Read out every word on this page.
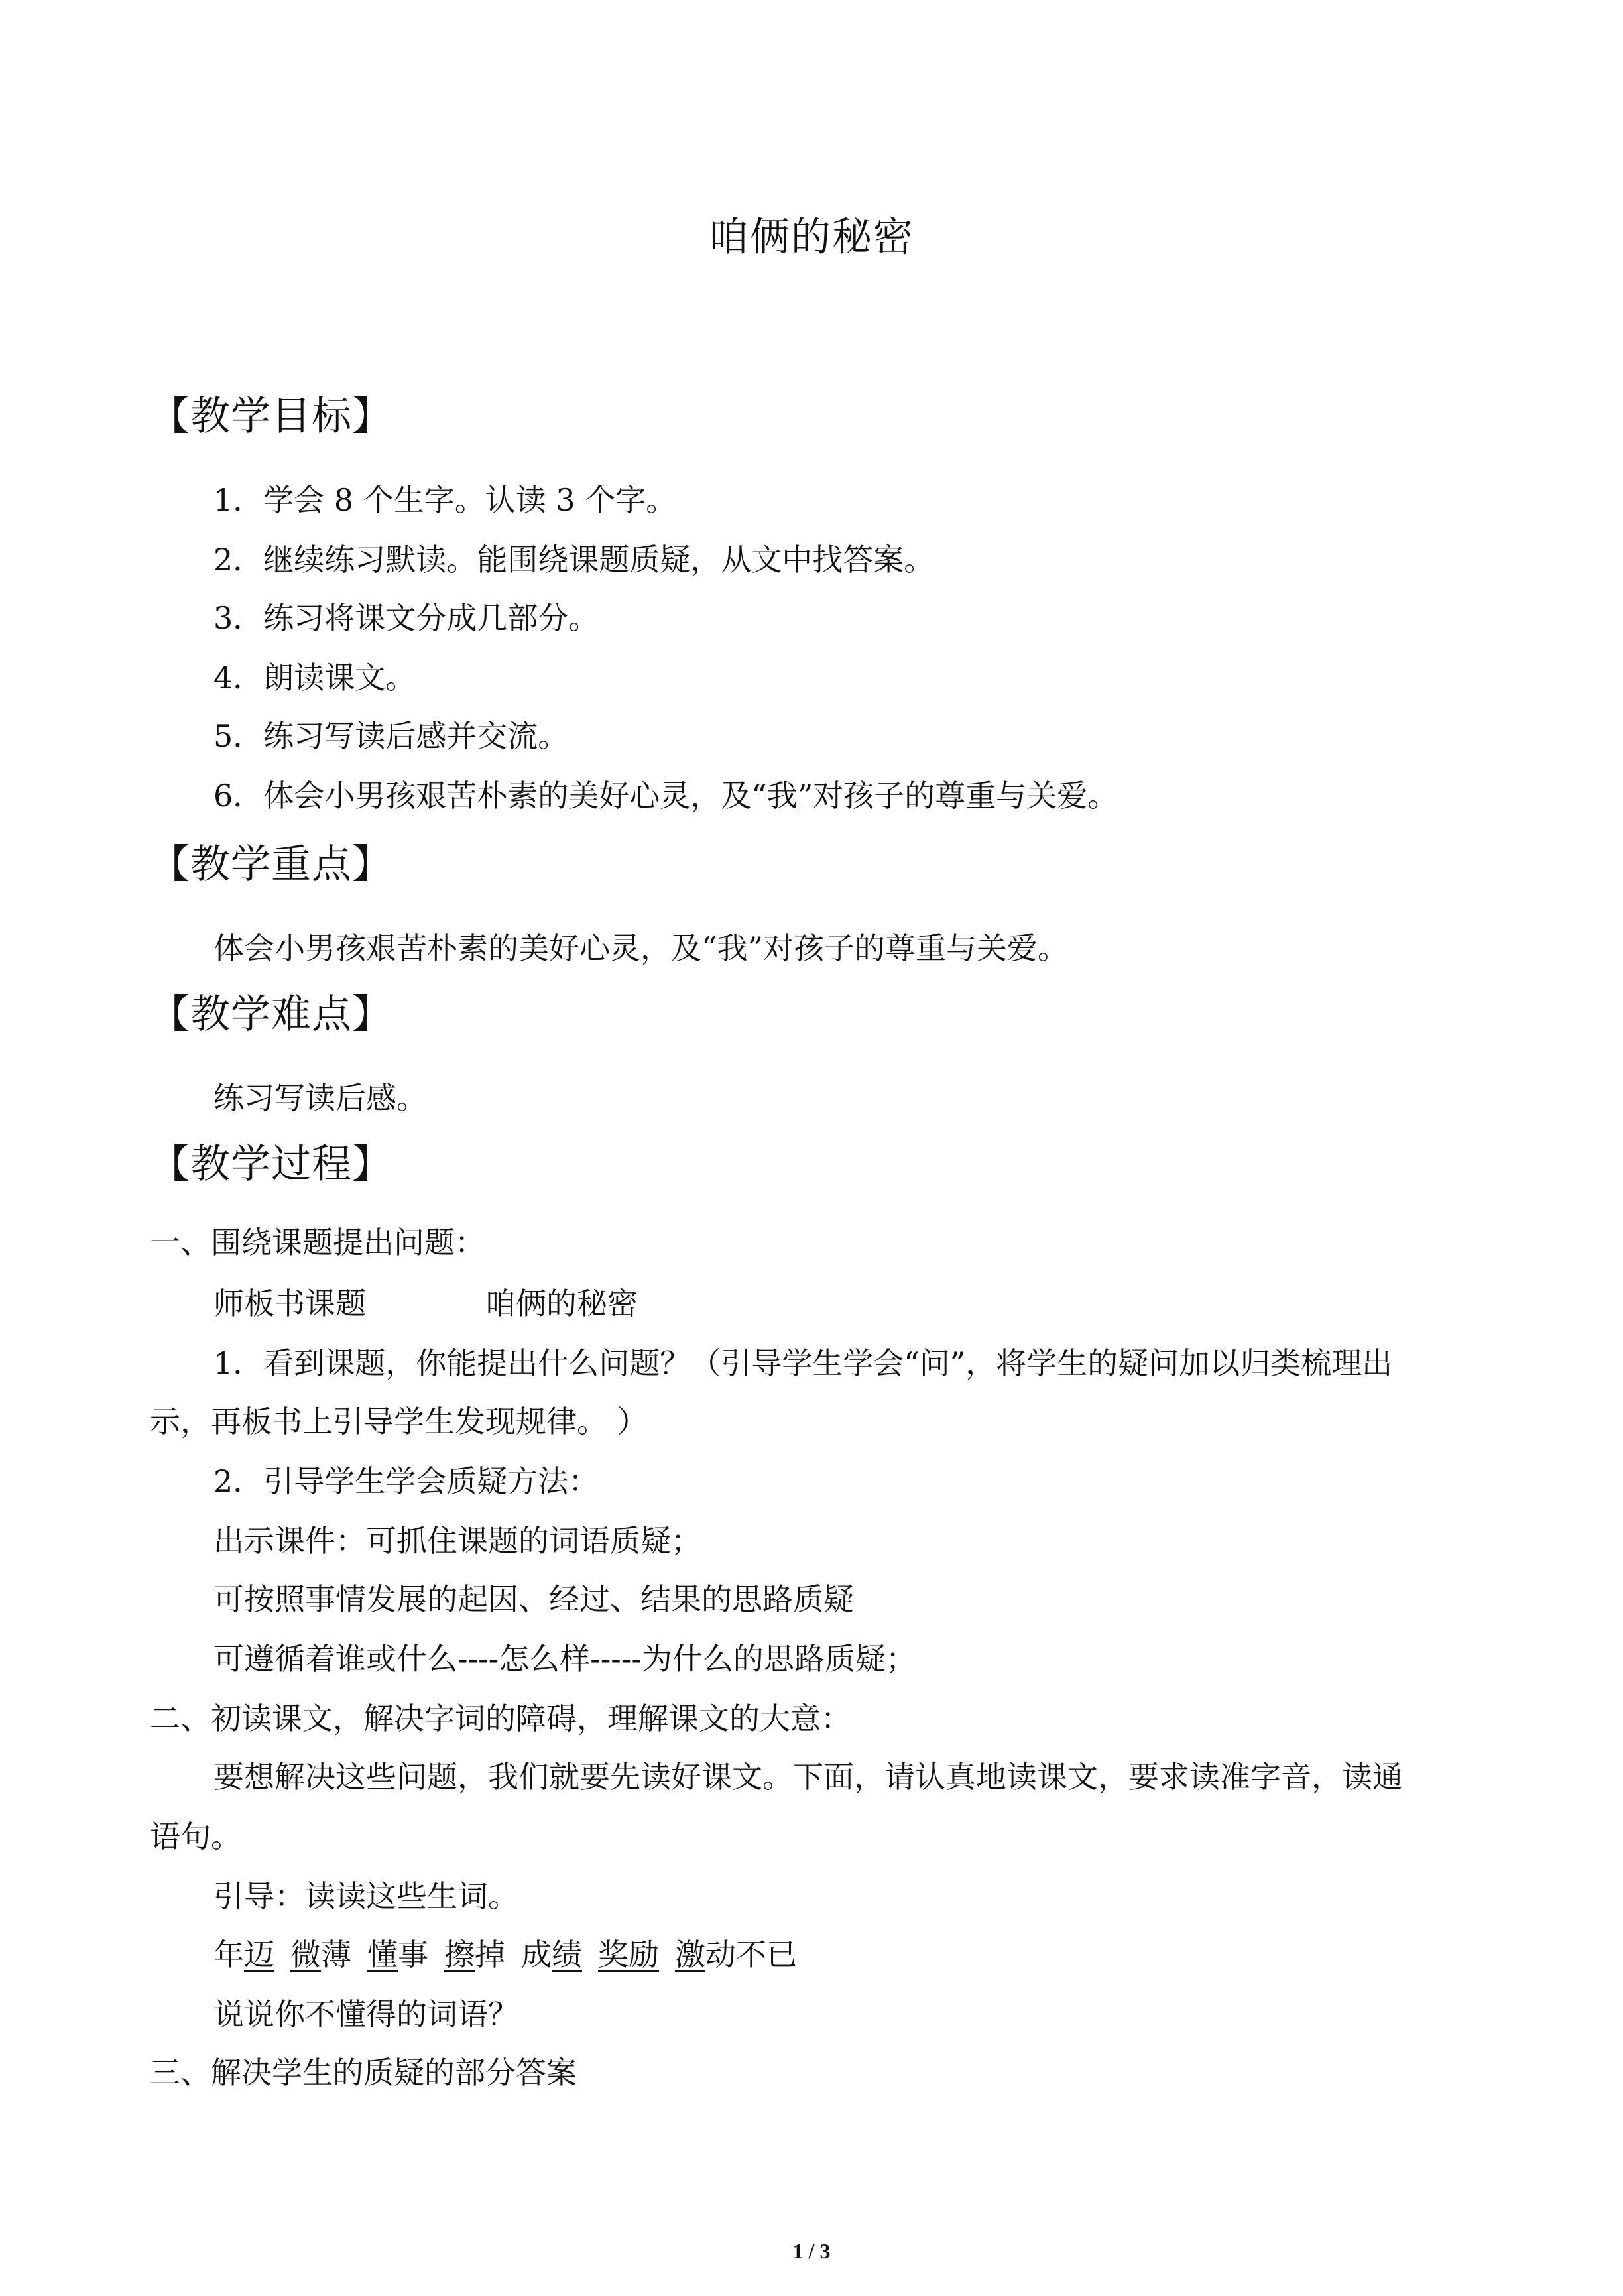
咱俩的秘密
【教学目标】
1．学会 8 个生字。认读 3 个字。
2．继续练习默读。能围绕课题质疑，从文中找答案。
3．练习将课文分成几部分。
4．朗读课文。
5．练习写读后感并交流。
6．体会小男孩艰苦朴素的美好心灵，及“我”对孩子的尊重与关爱。
【教学重点】
体会小男孩艰苦朴素的美好心灵，及“我”对孩子的尊重与关爱。
【教学难点】
练习写读后感。
【教学过程】
一、围绕课题提出问题：
师板书课题	咱俩的秘密
1．看到课题，你能提出什么问题？（引导学生学会“问”，将学生的疑问加以归类梳理出
示，再板书上引导学生发现规律。 ）
2．引导学生学会质疑方法：
出示课件：可抓住课题的词语质疑；
可按照事情发展的起因、经过、结果的思路质疑
可遵循着谁或什么----怎么样-----为什么的思路质疑；
二、初读课文，解决字词的障碍，理解课文的大意：
要想解决这些问题，我们就要先读好课文。下面，请认真地读课文，要求读准字音，读通
语句。
引导：读读这些生词。
年迈 微薄 懂事 擦掉 成绩 奖励 激动不已
说说你不懂得的词语？
三、解决学生的质疑的部分答案
1 / 3
